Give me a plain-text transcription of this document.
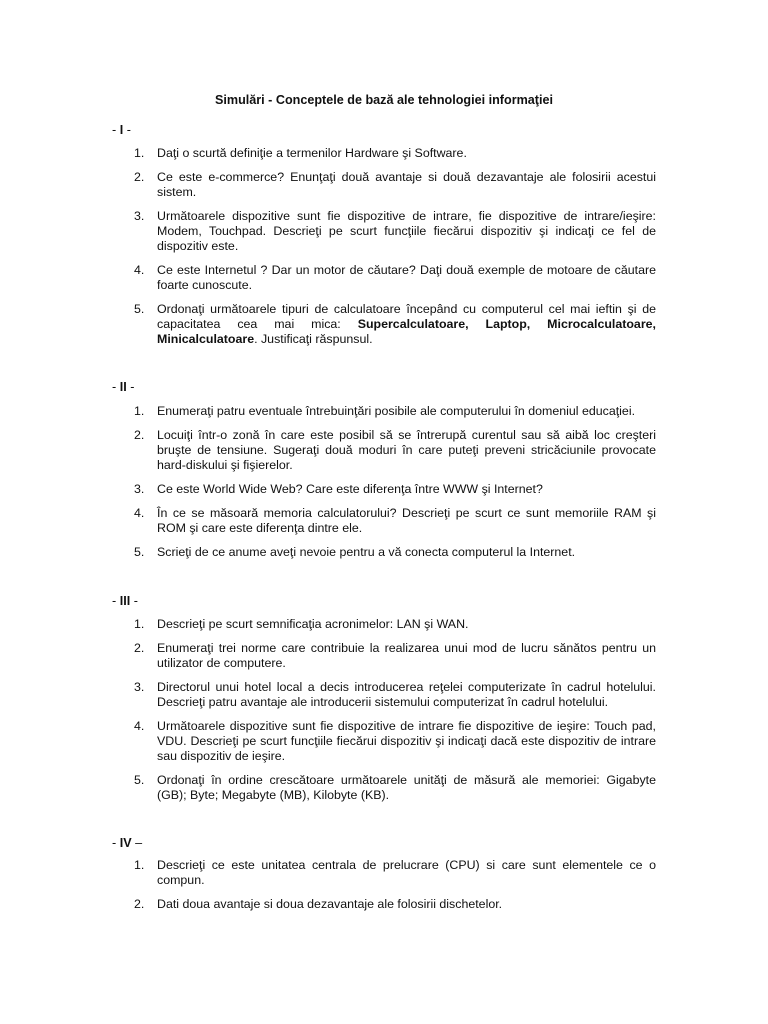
Simulări - Conceptele de bază ale tehnologiei informaţiei
- I -
1. Daţi o scurtă definiţie a termenilor Hardware şi Software.
2. Ce este e-commerce? Enunţaţi două avantaje si două dezavantaje ale folosirii acestui sistem.
3. Următoarele dispozitive sunt fie dispozitive de intrare, fie dispozitive de intrare/ieşire: Modem, Touchpad. Descrieţi pe scurt funcţiile fiecărui dispozitiv şi indicaţi ce fel de dispozitiv este.
4. Ce este Internetul ? Dar un motor de căutare? Daţi două exemple de motoare de căutare foarte cunoscute.
5. Ordonaţi următoarele tipuri de calculatoare începând cu computerul cel mai ieftin şi de capacitatea cea mai mica: Supercalculatoare, Laptop, Microcalculatoare, Minicalculatoare. Justificaţi răspunsul.
- II -
1. Enumeraţi patru eventuale întrebuinţări posibile ale computerului în domeniul educaţiei.
2. Locuiţi într-o zonă în care este posibil să se întrerupă curentul sau să aibă loc creşteri bruşte de tensiune. Sugeraţi două moduri în care puteţi preveni stricăciunile provocate hard-diskului şi fişierelor.
3. Ce este World Wide Web? Care este diferenţa între WWW şi Internet?
4. În ce se măsoară memoria calculatorului? Descrieţi pe scurt ce sunt memoriile RAM şi ROM şi care este diferenţa dintre ele.
5. Scrieţi de ce anume aveţi nevoie pentru a vă conecta computerul la Internet.
- III -
1. Descrieţi pe scurt semnificaţia acronimelor: LAN şi WAN.
2. Enumeraţi trei norme care contribuie la realizarea unui mod de lucru sănătos pentru un utilizator de computere.
3. Directorul unui hotel local a decis introducerea reţelei computerizate în cadrul hotelului. Descrieţi patru avantaje ale introducerii sistemului computerizat în cadrul hotelului.
4. Următoarele dispozitive sunt fie dispozitive de intrare fie dispozitive de ieşire: Touch pad, VDU. Descrieţi pe scurt funcţiile fiecărui dispozitiv şi indicaţi dacă este dispozitiv de intrare sau dispozitiv de ieşire.
5. Ordonaţi în ordine crescătoare următoarele unităţi de măsură ale memoriei: Gigabyte (GB); Byte; Megabyte (MB), Kilobyte (KB).
- IV –
1. Descrieţi ce este unitatea centrala de prelucrare (CPU) si care sunt elementele ce o compun.
2. Dati doua avantaje si doua dezavantaje ale folosirii dischetelor.
